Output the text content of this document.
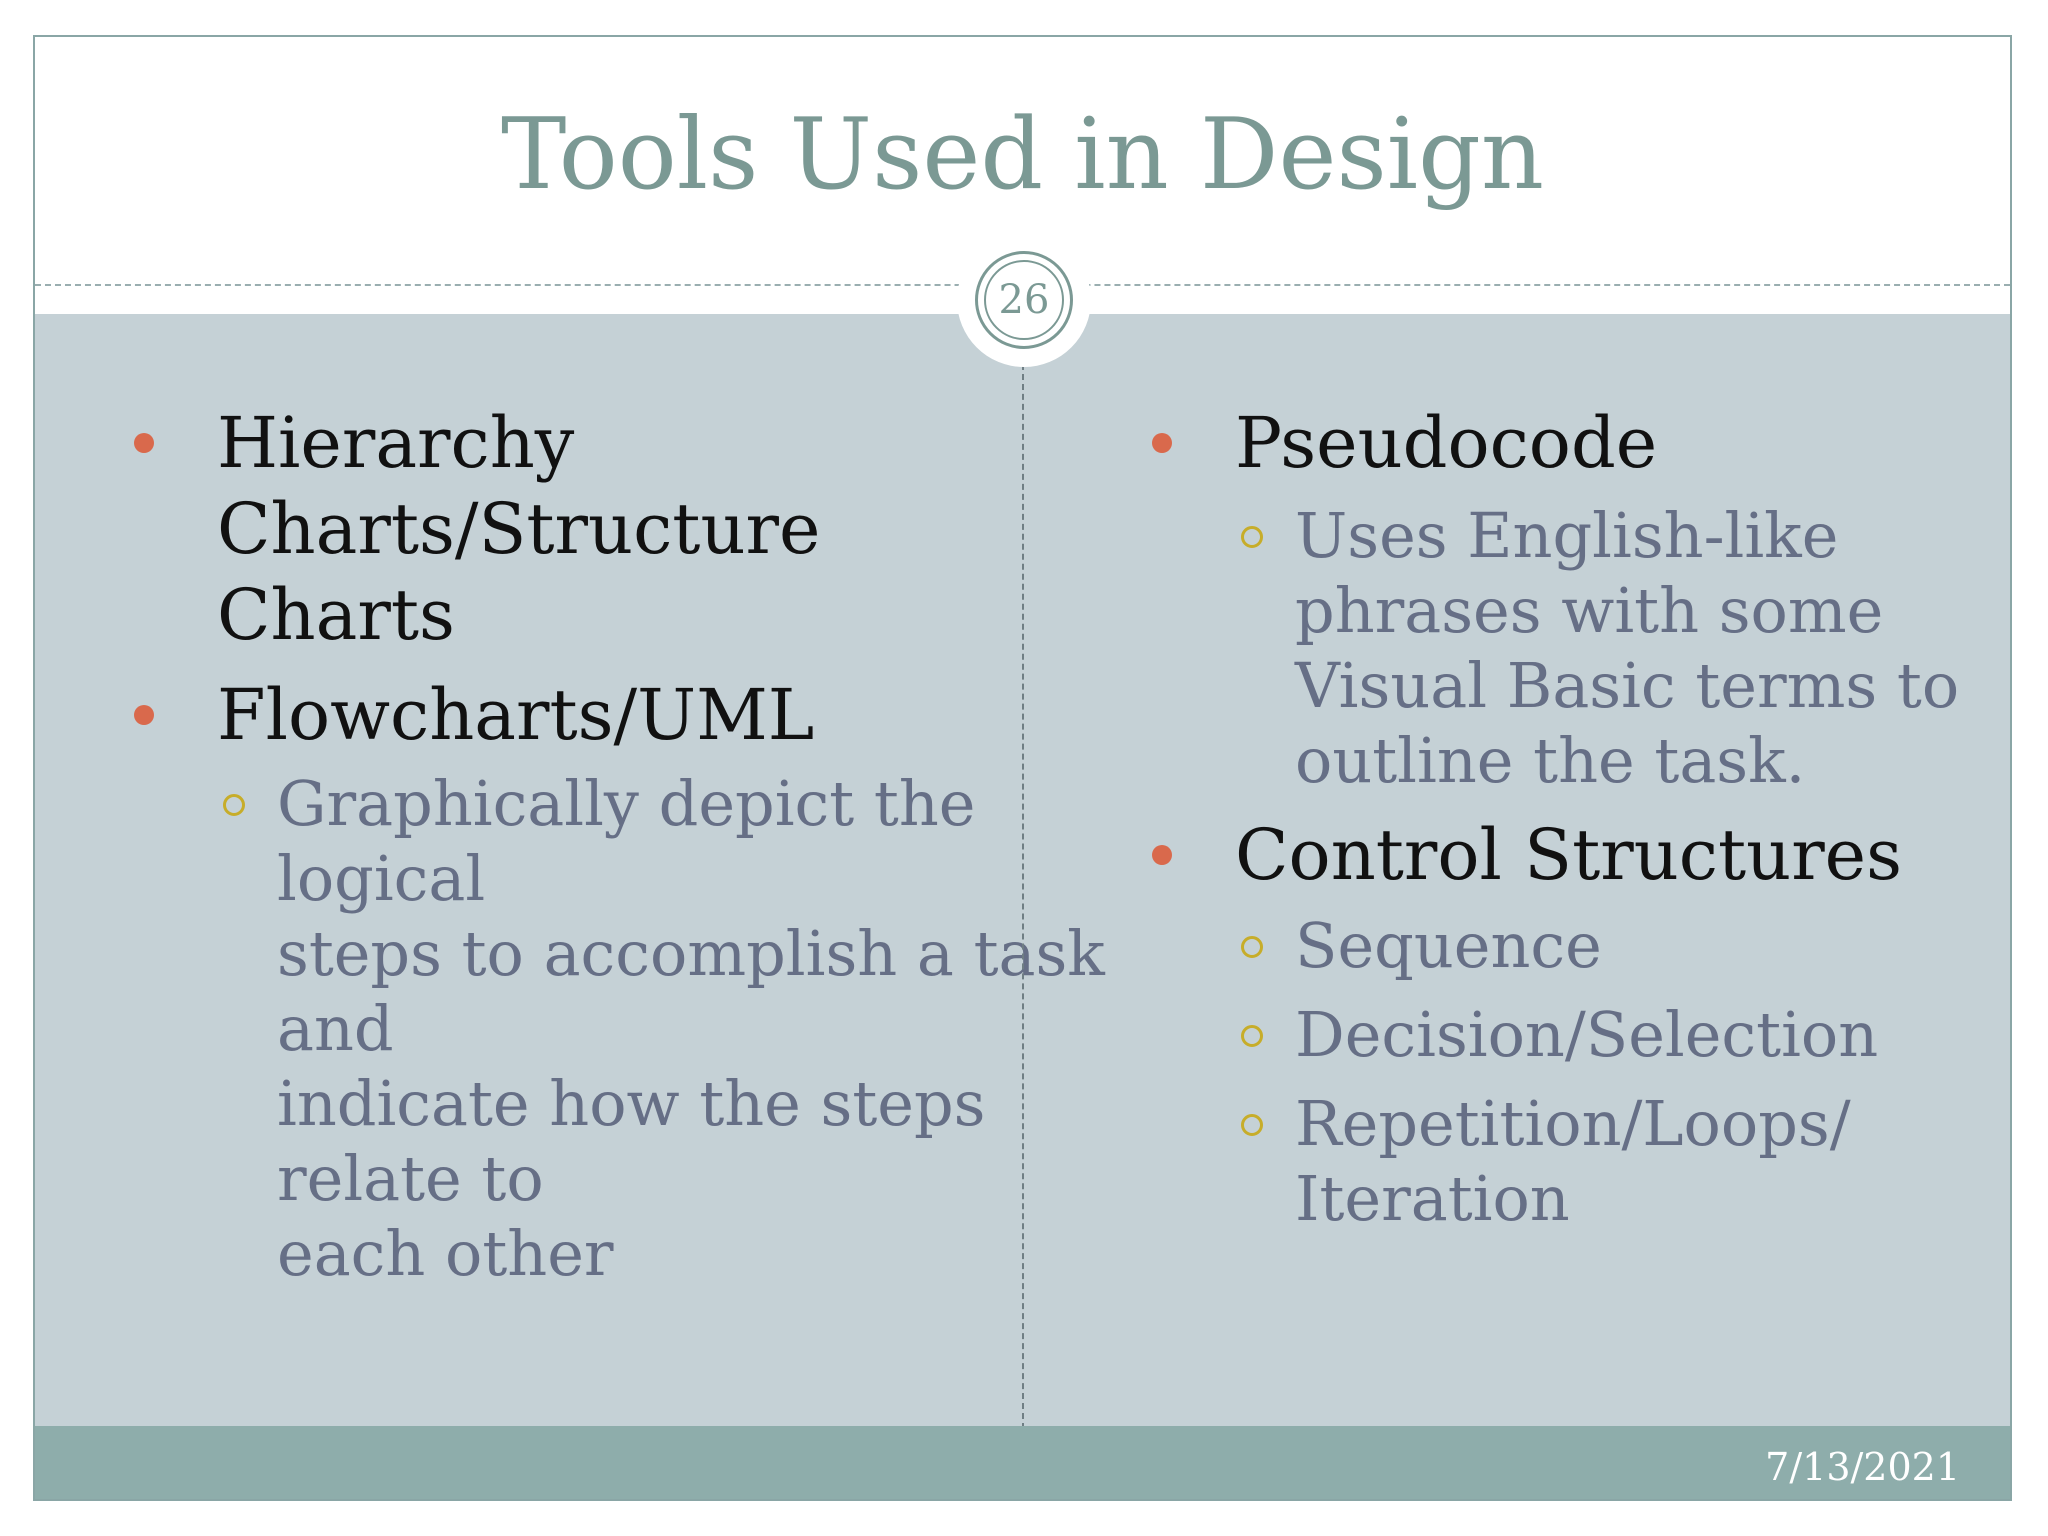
Tools Used in Design
Hierarchy Charts/Structure
Charts
Flowcharts/UML
Graphically depict the logical
steps to accomplish a task and
indicate how the steps relate to
each other
Pseudocode
Uses English-like
phrases with some
Visual Basic terms to
outline the task.
Control Structures
Sequence
Decision/Selection
Repetition/Loops/
Iteration
26
7/13/2021
